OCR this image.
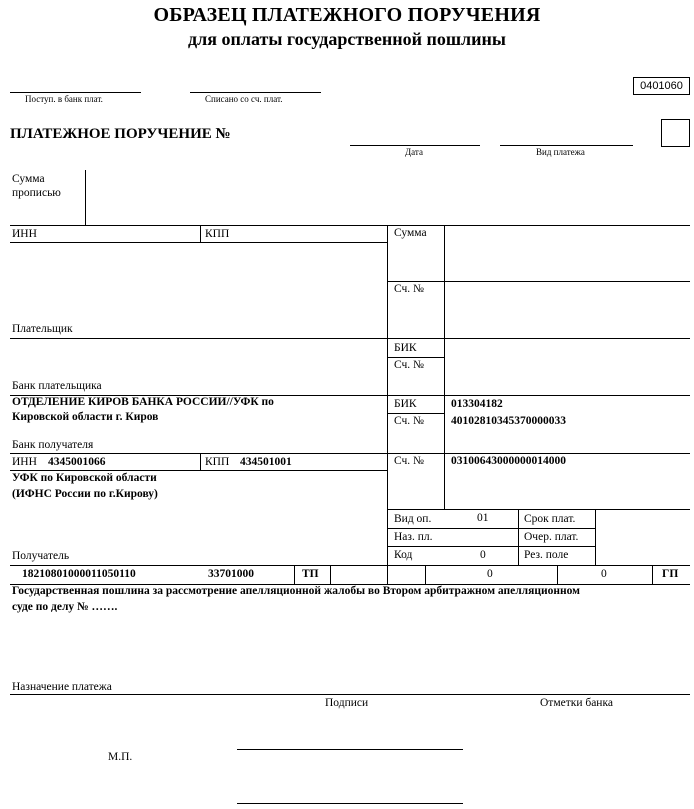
ОБРАЗЕЦ ПЛАТЕЖНОГО ПОРУЧЕНИЯ
для оплаты государственной пошлины
0401060
Поступ. в банк плат.	Списано со сч. плат.
ПЛАТЕЖНОЕ ПОРУЧЕНИЕ №
Дата	Вид платежа
Сумма прописью
ИНН	КПП	Сумма
Сч. №
Плательщик
БИК
Сч. №
Банк плательщика
ОТДЕЛЕНИЕ КИРОВ БАНКА РОССИИ//УФК по
Кировской области г. Киров
Банк получателя
БИК	013304182
Сч. № 40102810345370000033
ИНН 4345001066	КПП 434501001	Сч. № 03100643000000014000
УФК по Кировской области
(ИФНС России по г.Кирову)
Получатель
Вид оп.	01	Срок плат.
Наз. пл.	Очер. плат.
Код	0	Рез. поле
18210801000011050110	33701000	ТП	0	0	ГП
Государственная пошлина за рассмотрение апелляционной жалобы во Втором арбитражном апелляционном
суде по делу № …….
Назначение платежа
Подписи	Отметки банка
М.П.
